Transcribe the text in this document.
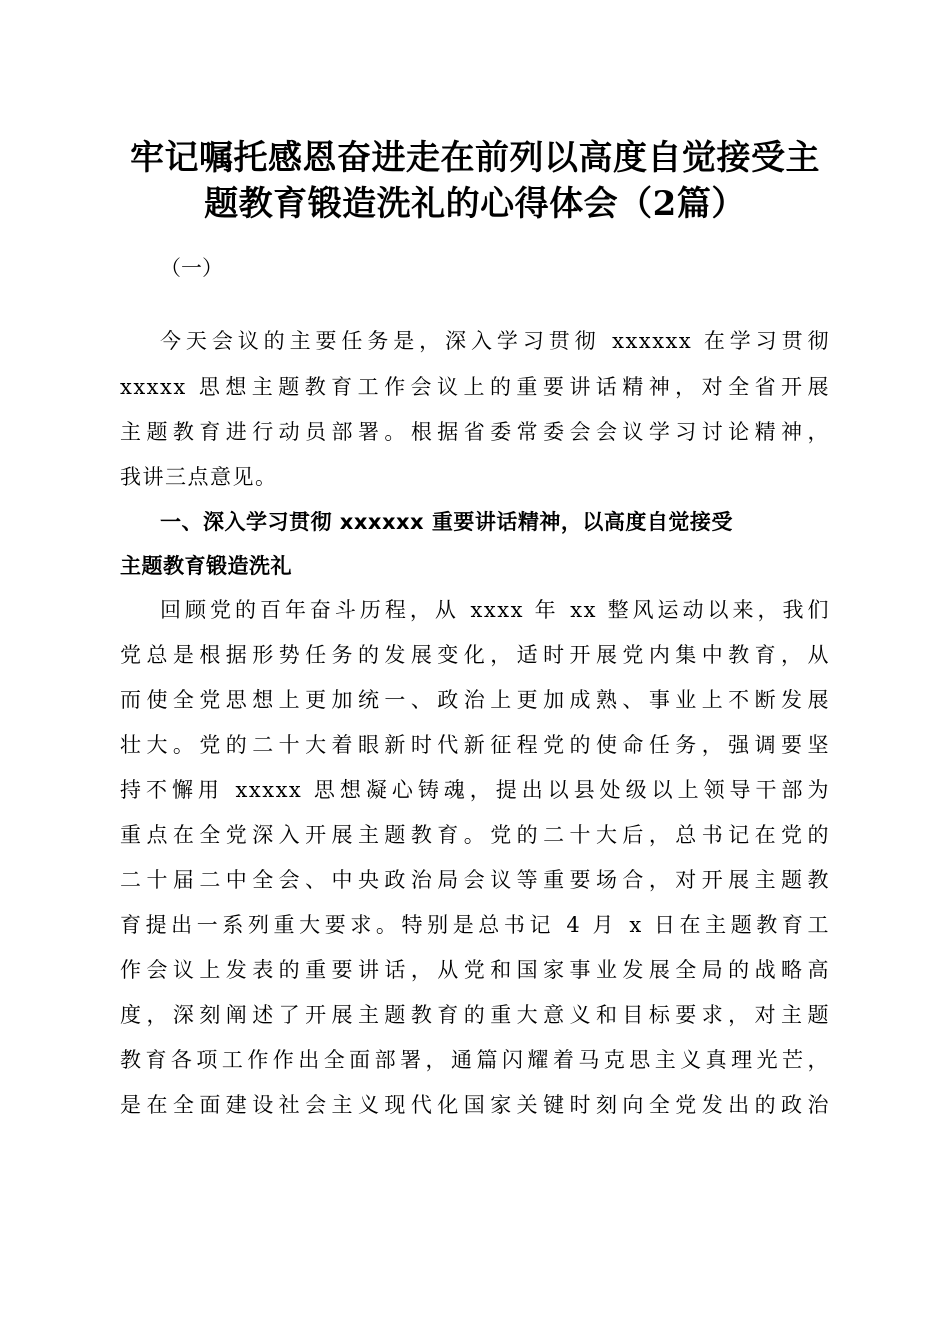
牢记嘱托感恩奋进走在前列以高度自觉接受主
题教育锻造洗礼的心得体会（2篇）
（一）
今天会议的主要任务是，深入学习贯彻 xxxxxx 在学习贯彻
xxxxx 思想主题教育工作会议上的重要讲话精神，对全省开展
主题教育进行动员部署。根据省委常委会会议学习讨论精神，
我讲三点意见。
一、深入学习贯彻 xxxxxx 重要讲话精神，以高度自觉接受
主题教育锻造洗礼
回顾党的百年奋斗历程，从 xxxx 年 xx 整风运动以来，我们
党总是根据形势任务的发展变化，适时开展党内集中教育，从
而使全党思想上更加统一、政治上更加成熟、事业上不断发展
壮大。党的二十大着眼新时代新征程党的使命任务，强调要坚
持不懈用 xxxxx 思想凝心铸魂，提出以县处级以上领导干部为
重点在全党深入开展主题教育。党的二十大后，总书记在党的
二十届二中全会、中央政治局会议等重要场合，对开展主题教
育提出一系列重大要求。特别是总书记 4 月 x 日在主题教育工
作会议上发表的重要讲话，从党和国家事业发展全局的战略高
度，深刻阐述了开展主题教育的重大意义和目标要求，对主题
教育各项工作作出全面部署，通篇闪耀着马克思主义真理光芒，
是在全面建设社会主义现代化国家关键时刻向全党发出的政治
